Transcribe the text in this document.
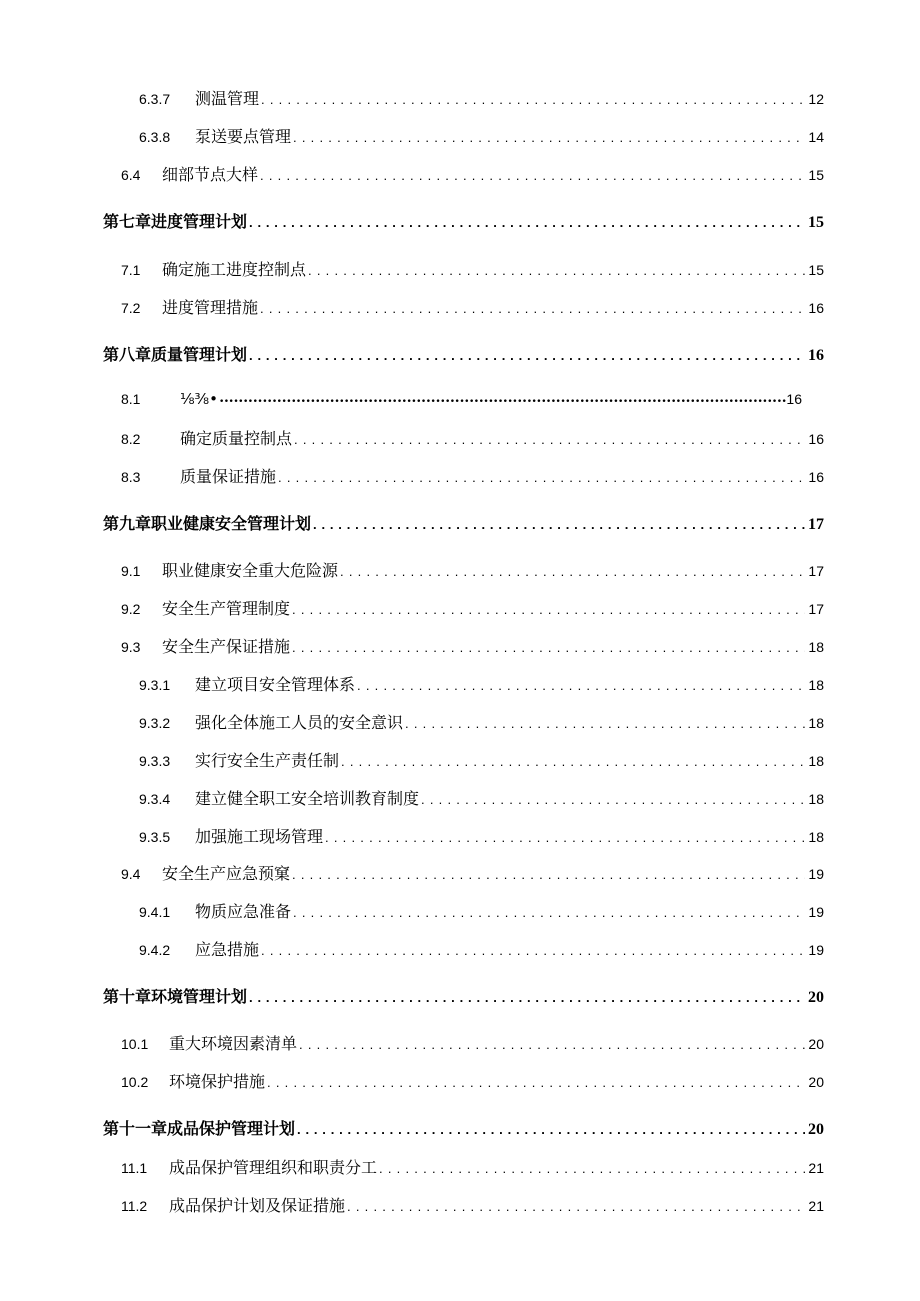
6.3.7	测温管理 . . .	12
6.3.8	泵送要点管理 . . .	14
6.4	细部节点大样 . . .	15
第七章进度管理计划 . . .	15
7.1	确定施工进度控制点 . . .	15
7.2	进度管理措施 . . .	16
第八章质量管理计划 . . .	16
8.1	⅛⅜• •••••	16
8.2	确定质量控制点 . . .	16
8.3	质量保证措施 . . .	16
第九章职业健康安全管理计划 . . .	17
9.1	职业健康安全重大危险源 . . .	17
9.2	安全生产管理制度 . . .	17
9.3	安全生产保证措施 . . .	18
9.3.1	建立项目安全管理体系 . . .	18
9.3.2	强化全体施工人员的安全意识 . . .	18
9.3.3	实行安全生产责任制 . . .	18
9.3.4	建立健全职工安全培训教育制度 . . .	18
9.3.5	加强施工现场管理 . . .	18
9.4	安全生产应急预窠 . . .	19
9.4.1	物质应急准备 . . .	19
9.4.2	应急措施 . . .	19
第十章环境管理计划 . . .	20
10.1	重大环境因素清单 . . .	20
10.2	环境保护措施 . . .	20
第十一章成品保护管理计划 . . .	20
11.1	成品保护管理组织和职责分工 . . .	21
11.2	成品保护计划及保证措施 . . .	21
